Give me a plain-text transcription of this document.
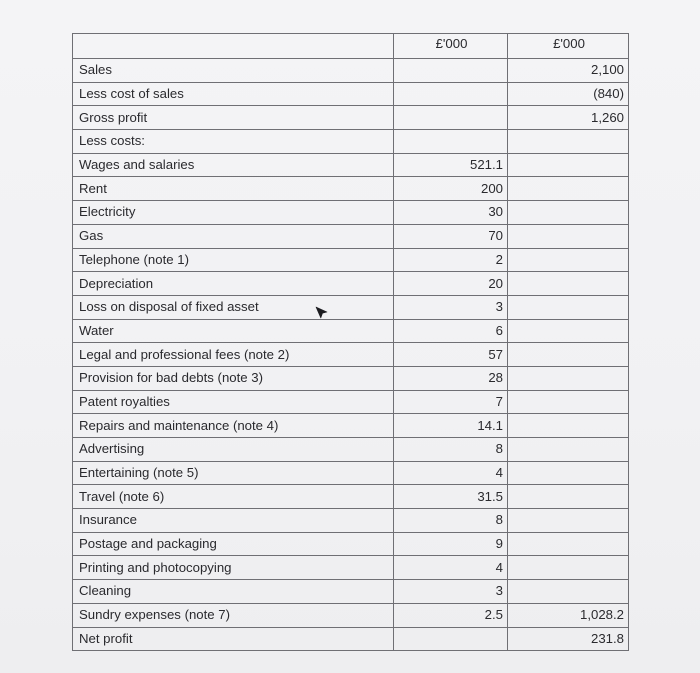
	£'000	£'000
Sales		2,100
Less cost of sales		(840)
Gross profit		1,260
Less costs:		
Wages and salaries	521.1	
Rent	200	
Electricity	30	
Gas	70	
Telephone (note 1)	2	
Depreciation	20	
Loss on disposal of fixed asset	3	
Water	6	
Legal and professional fees (note 2)	57	
Provision for bad debts (note 3)	28	
Patent royalties	7	
Repairs and maintenance (note 4)	14.1	
Advertising	8	
Entertaining (note 5)	4	
Travel (note 6)	31.5	
Insurance	8	
Postage and packaging	9	
Printing and photocopying	4	
Cleaning	3	
Sundry expenses (note 7)	2.5	1,028.2
Net profit		231.8
